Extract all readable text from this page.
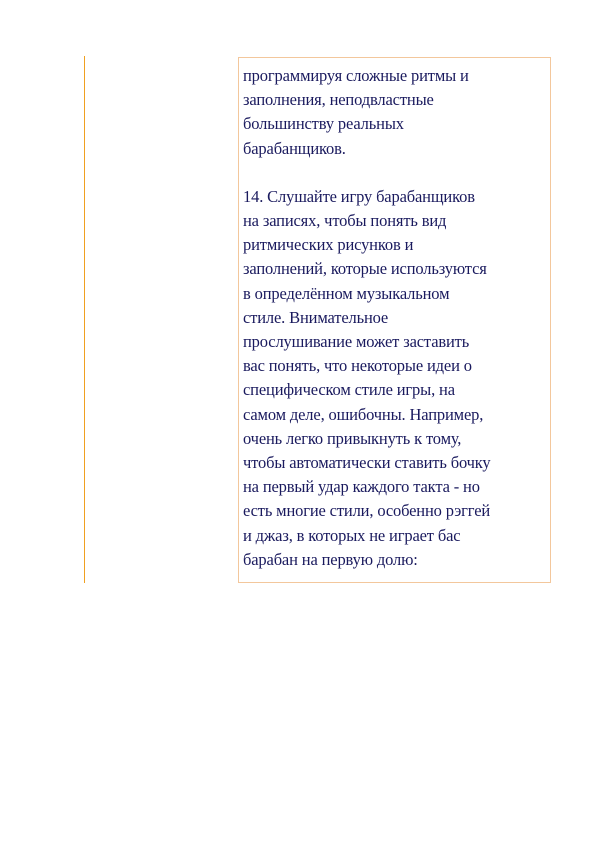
программируя сложные ритмы и
заполнения, неподвластные
большинству реальных
барабанщиков.

14. Слушайте игру барабанщиков
на записях, чтобы понять вид
ритмических рисунков и
заполнений, которые используются
в определённом музыкальном
стиле. Внимательное
прослушивание может заставить
вас понять, что некоторые идеи о
специфическом стиле игры, на
самом деле, ошибочны. Например,
очень легко привыкнуть к тому,
чтобы автоматически ставить бочку
на первый удар каждого такта - но
есть многие стили, особенно рэггей
и джаз, в которых не играет бас
барабан на первую долю:
